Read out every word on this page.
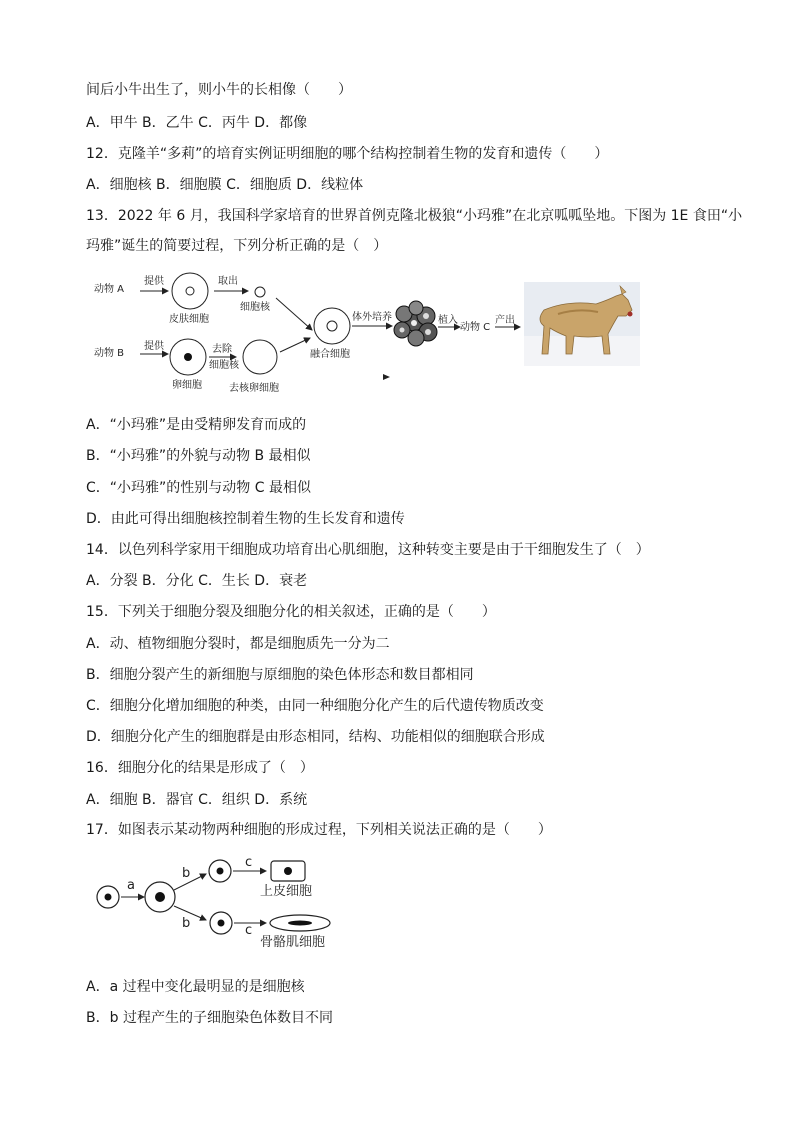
间后小牛出生了，则小牛的长相像（　　）
A．甲牛 B．乙牛 C．丙牛 D．都像
12．克隆羊“多莉”的培育实例证明细胞的哪个结构控制着生物的发育和遗传（　　）
A．细胞核 B．细胞膜 C．细胞质 D．线粒体
13．2022 年 6 月，我国科学家培育的世界首例克隆北极狼“小玛雅”在北京呱呱坠地。下图为 1E 食田“小
玛雅”诞生的简要过程，下列分析正确的是（　）
动物 A
提供
皮肤细胞
取出
细胞核
动物 B
提供	去除
细胞核
卵细胞	去核卵细胞
融合细胞
体外培养	植入
动物 C
产出
A．“小玛雅”是由受精卵发育而成的
B．“小玛雅”的外貌与动物 B 最相似
C．“小玛雅”的性别与动物 C 最相似
D．由此可得出细胞核控制着生物的生长发育和遗传
14．以色列科学家用干细胞成功培育出心肌细胞，这种转变主要是由于干细胞发生了（　）
A．分裂 B．分化 C．生长 D．衰老
15．下列关于细胞分裂及细胞分化的相关叙述，正确的是（　　）
A．动、植物细胞分裂时，都是细胞质先一分为二
B．细胞分裂产生的新细胞与原细胞的染色体形态和数目都相同
C．细胞分化增加细胞的种类，由同一种细胞分化产生的后代遗传物质改变
D．细胞分化产生的细胞群是由形态相同，结构、功能相似的细胞联合形成
16．细胞分化的结果是形成了（　）
A．细胞 B．器官 C．组织 D．系统
17．如图表示某动物两种细胞的形成过程，下列相关说法正确的是（　　）
a
b
b
c
c
上皮细胞
骨骼肌细胞
A．a 过程中变化最明显的是细胞核
B．b 过程产生的子细胞染色体数目不同
